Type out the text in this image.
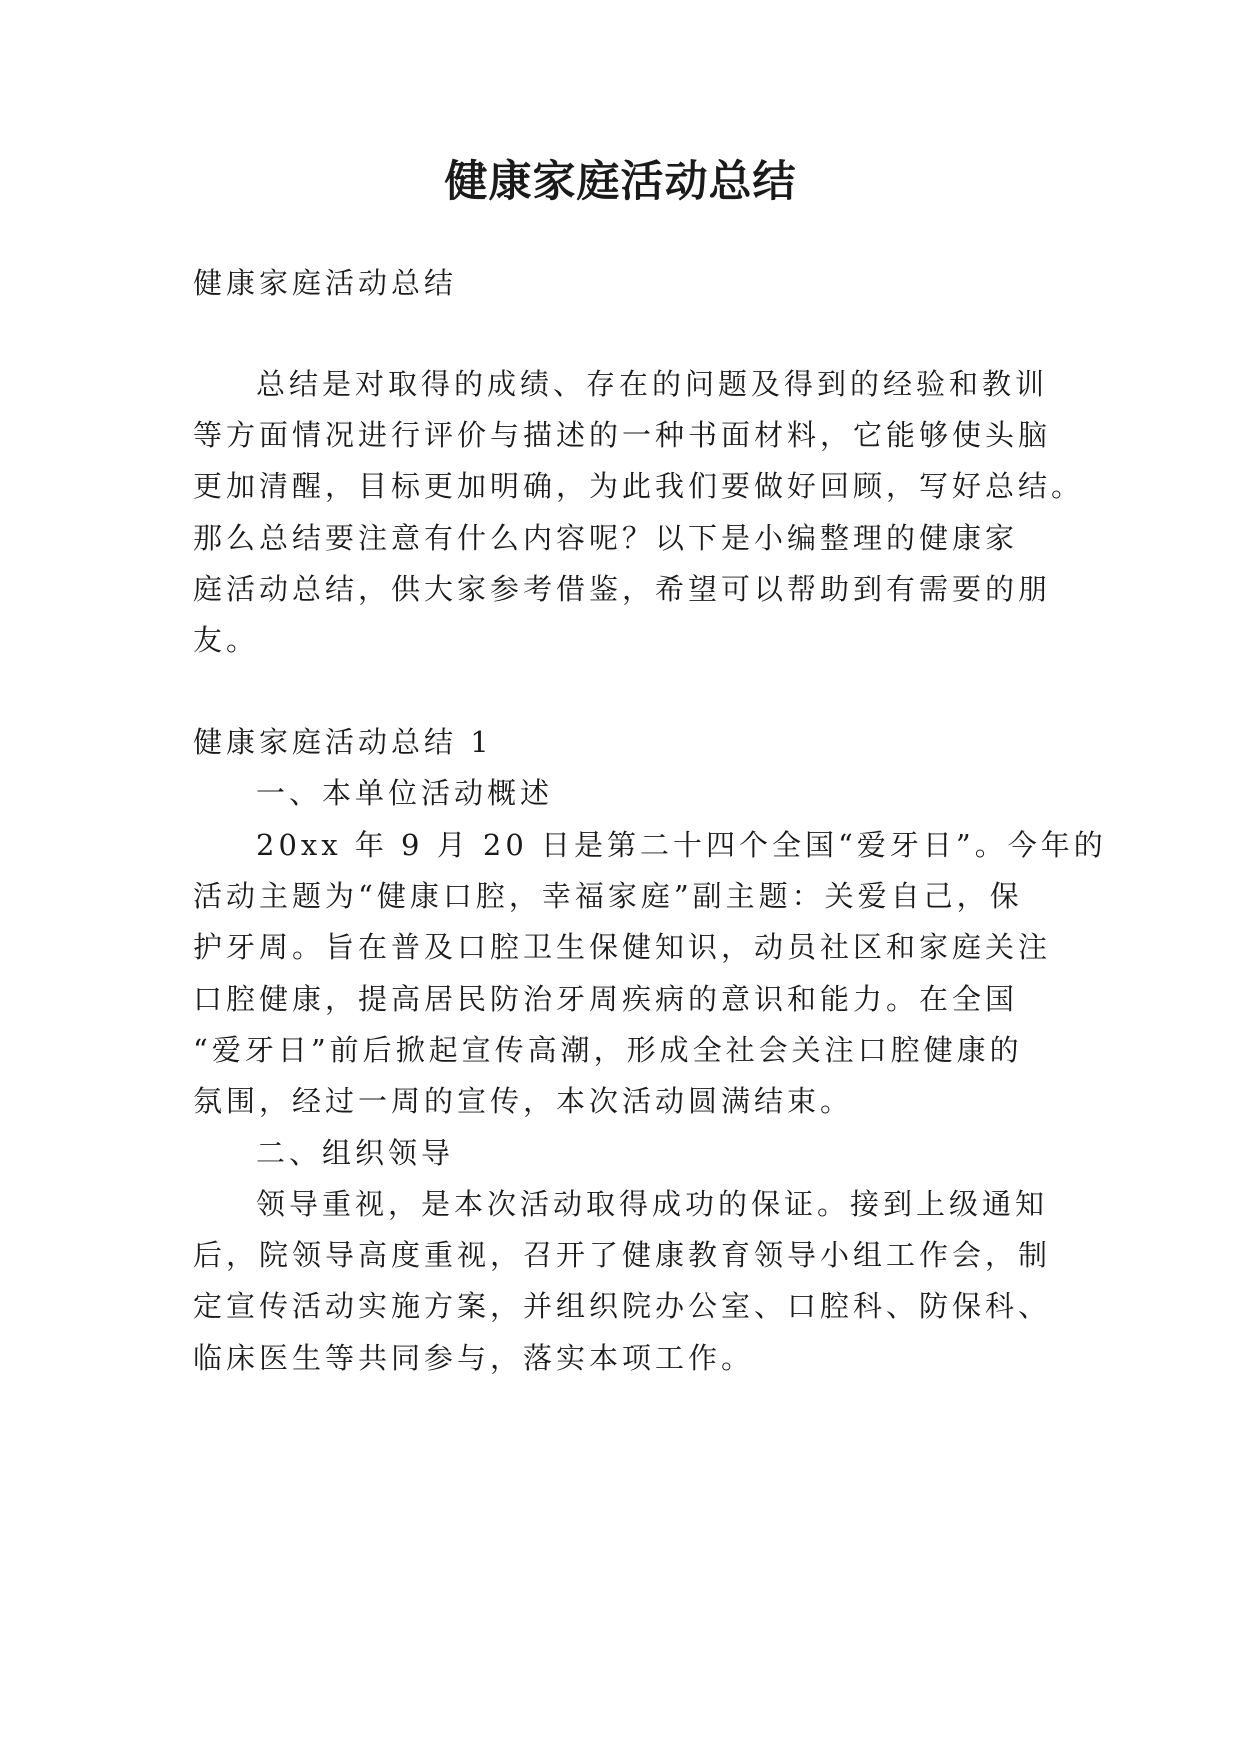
健康家庭活动总结

健康家庭活动总结

总结是对取得的成绩、存在的问题及得到的经验和教训

等方面情况进行评价与描述的一种书面材料，它能够使头脑

更加清醒，目标更加明确，为此我们要做好回顾，写好总结。

那么总结要注意有什么内容呢？以下是小编整理的健康家

庭活动总结，供大家参考借鉴，希望可以帮助到有需要的朋

友。

健康家庭活动总结 1

一、本单位活动概述

20xx 年 9 月 20 日是第二十四个全国“爱牙日”。今年的

活动主题为“健康口腔，幸福家庭”副主题：关爱自己，保

护牙周。旨在普及口腔卫生保健知识，动员社区和家庭关注

口腔健康，提高居民防治牙周疾病的意识和能力。在全国

“爱牙日”前后掀起宣传高潮，形成全社会关注口腔健康的

氛围，经过一周的宣传，本次活动圆满结束。

二、组织领导

领导重视，是本次活动取得成功的保证。接到上级通知

后，院领导高度重视，召开了健康教育领导小组工作会，制

定宣传活动实施方案，并组织院办公室、口腔科、防保科、

临床医生等共同参与，落实本项工作。
